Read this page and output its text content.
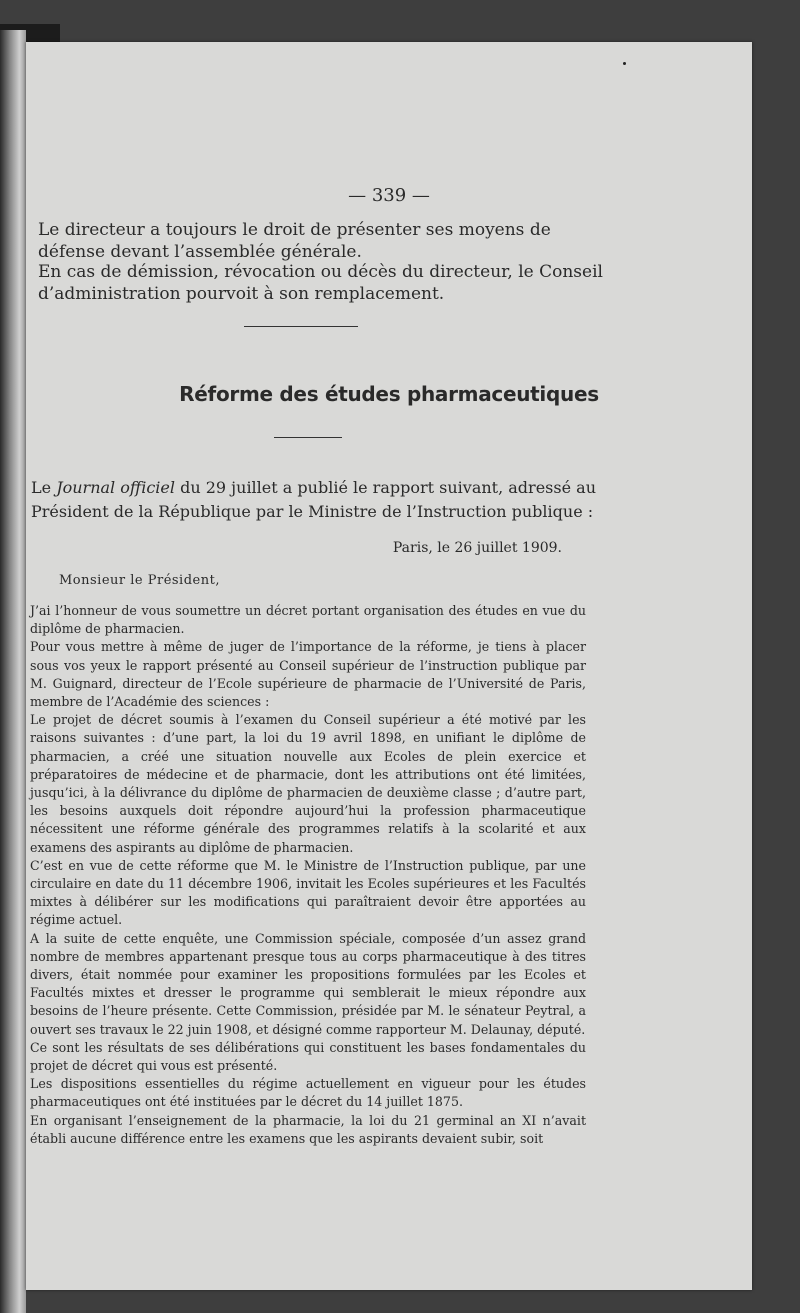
— 339 —

Le directeur a toujours le droit de présenter ses moyens de défense devant l’assemblée générale.

En cas de démission, révocation ou décès du directeur, le Conseil d’administration pourvoit à son remplacement.

Réforme des études pharmaceutiques

Le Journal officiel du 29 juillet a publié le rapport suivant, adressé au Président de la République par le Ministre de l’Instruction publique :

Paris, le 26 juillet 1909.
Monsieur le Président,

J’ai l’honneur de vous soumettre un décret portant organisation des études en vue du diplôme de pharmacien.

Pour vous mettre à même de juger de l’importance de la réforme, je tiens à placer sous vos yeux le rapport présenté au Conseil supérieur de l’instruction publique par M. Guignard, directeur de l’Ecole supérieure de pharmacie de l’Université de Paris, membre de l’Académie des sciences :

Le projet de décret soumis à l’examen du Conseil supérieur a été motivé par les raisons suivantes : d’une part, la loi du 19 avril 1898, en unifiant le diplôme de pharmacien, a créé une situation nouvelle aux Ecoles de plein exercice et préparatoires de médecine et de pharmacie, dont les attributions ont été limitées, jusqu’ici, à la délivrance du diplôme de pharmacien de deuxième classe ; d’autre part, les besoins auxquels doit répondre aujourd’hui la profession pharmaceutique nécessitent une réforme générale des programmes relatifs à la scolarité et aux examens des aspirants au diplôme de pharmacien.

C’est en vue de cette réforme que M. le Ministre de l’Instruction publique, par une circulaire en date du 11 décembre 1906, invitait les Ecoles supérieures et les Facultés mixtes à délibérer sur les modifications qui paraîtraient devoir être apportées au régime actuel.

A la suite de cette enquête, une Commission spéciale, composée d’un assez grand nombre de membres appartenant presque tous au corps pharmaceutique à des titres divers, était nommée pour examiner les propositions formulées par les Ecoles et Facultés mixtes et dresser le programme qui semblerait le mieux répondre aux besoins de l’heure présente. Cette Commission, présidée par M. le sénateur Peytral, a ouvert ses travaux le 22 juin 1908, et désigné comme rapporteur M. Delaunay, député.

Ce sont les résultats de ses délibérations qui constituent les bases fondamentales du projet de décret qui vous est présenté.

Les dispositions essentielles du régime actuellement en vigueur pour les études pharmaceutiques ont été instituées par le décret du 14 juillet 1875.

En organisant l’enseignement de la pharmacie, la loi du 21 germinal an XI n’avait établi aucune différence entre les examens que les aspirants devaient subir, soit
